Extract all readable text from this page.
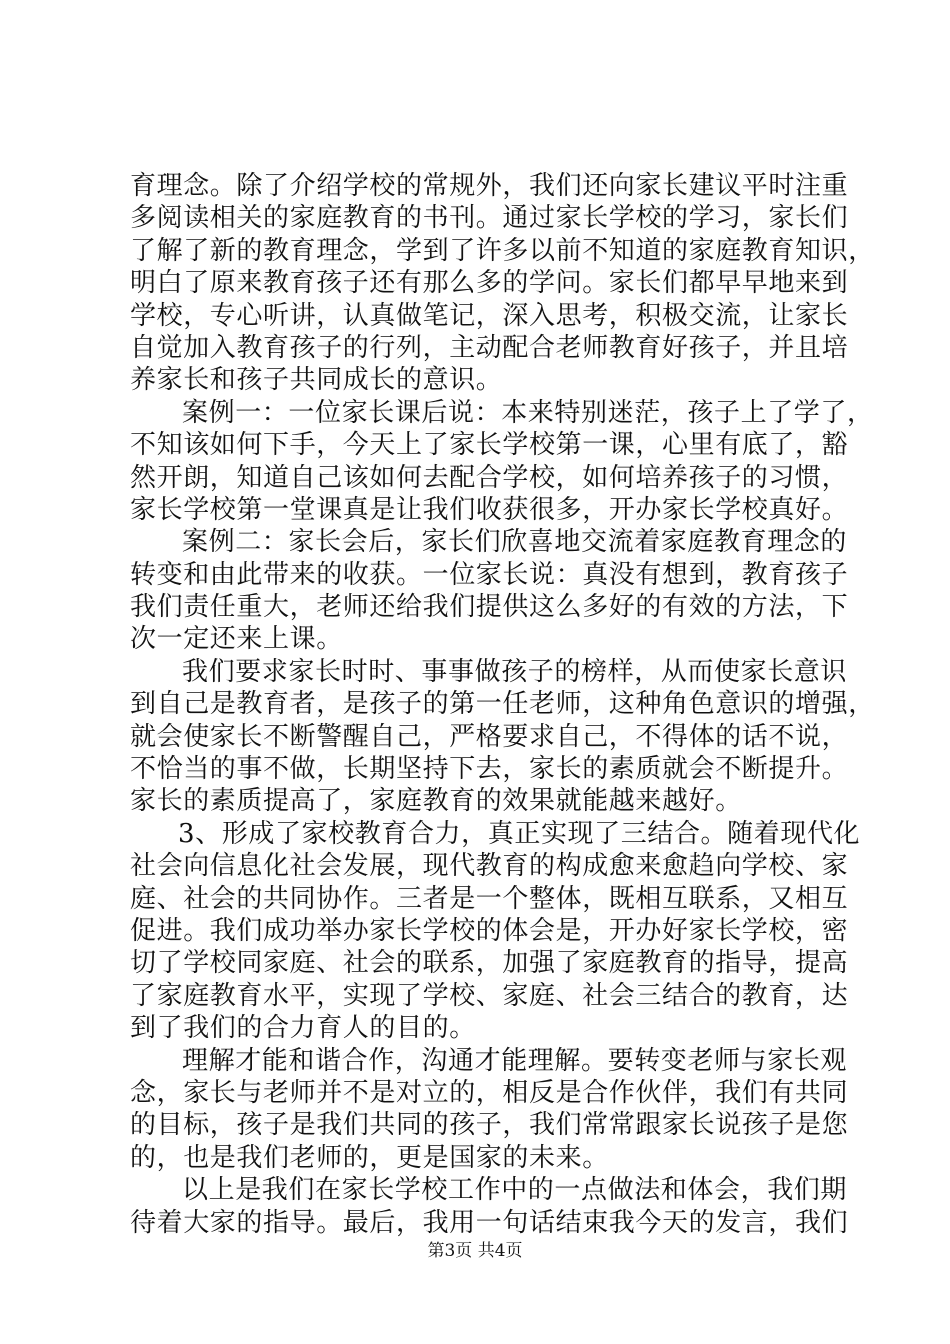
育理念。除了介绍学校的常规外，我们还向家长建议平时注重
多阅读相关的家庭教育的书刊。通过家长学校的学习，家长们
了解了新的教育理念，学到了许多以前不知道的家庭教育知识，
明白了原来教育孩子还有那么多的学问。家长们都早早地来到
学校，专心听讲，认真做笔记，深入思考，积极交流，让家长
自觉加入教育孩子的行列，主动配合老师教育好孩子，并且培
养家长和孩子共同成长的意识。
案例一：一位家长课后说：本来特别迷茫，孩子上了学了，
不知该如何下手，今天上了家长学校第一课，心里有底了，豁
然开朗，知道自己该如何去配合学校，如何培养孩子的习惯，
家长学校第一堂课真是让我们收获很多，开办家长学校真好。
案例二：家长会后，家长们欣喜地交流着家庭教育理念的
转变和由此带来的收获。一位家长说：真没有想到，教育孩子
我们责任重大，老师还给我们提供这么多好的有效的方法，下
次一定还来上课。
我们要求家长时时、事事做孩子的榜样，从而使家长意识
到自己是教育者，是孩子的第一任老师，这种角色意识的增强，
就会使家长不断警醒自己，严格要求自己，不得体的话不说，
不恰当的事不做，长期坚持下去，家长的素质就会不断提升。
家长的素质提高了，家庭教育的效果就能越来越好。
3、形成了家校教育合力，真正实现了三结合。随着现代化
社会向信息化社会发展，现代教育的构成愈来愈趋向学校、家
庭、社会的共同协作。三者是一个整体，既相互联系，又相互
促进。我们成功举办家长学校的体会是，开办好家长学校，密
切了学校同家庭、社会的联系，加强了家庭教育的指导，提高
了家庭教育水平，实现了学校、家庭、社会三结合的教育，达
到了我们的合力育人的目的。
理解才能和谐合作，沟通才能理解。要转变老师与家长观
念，家长与老师并不是对立的，相反是合作伙伴，我们有共同
的目标，孩子是我们共同的孩子，我们常常跟家长说孩子是您
的，也是我们老师的，更是国家的未来。
以上是我们在家长学校工作中的一点做法和体会，我们期
待着大家的指导。最后，我用一句话结束我今天的发言，我们
第3页 共4页
